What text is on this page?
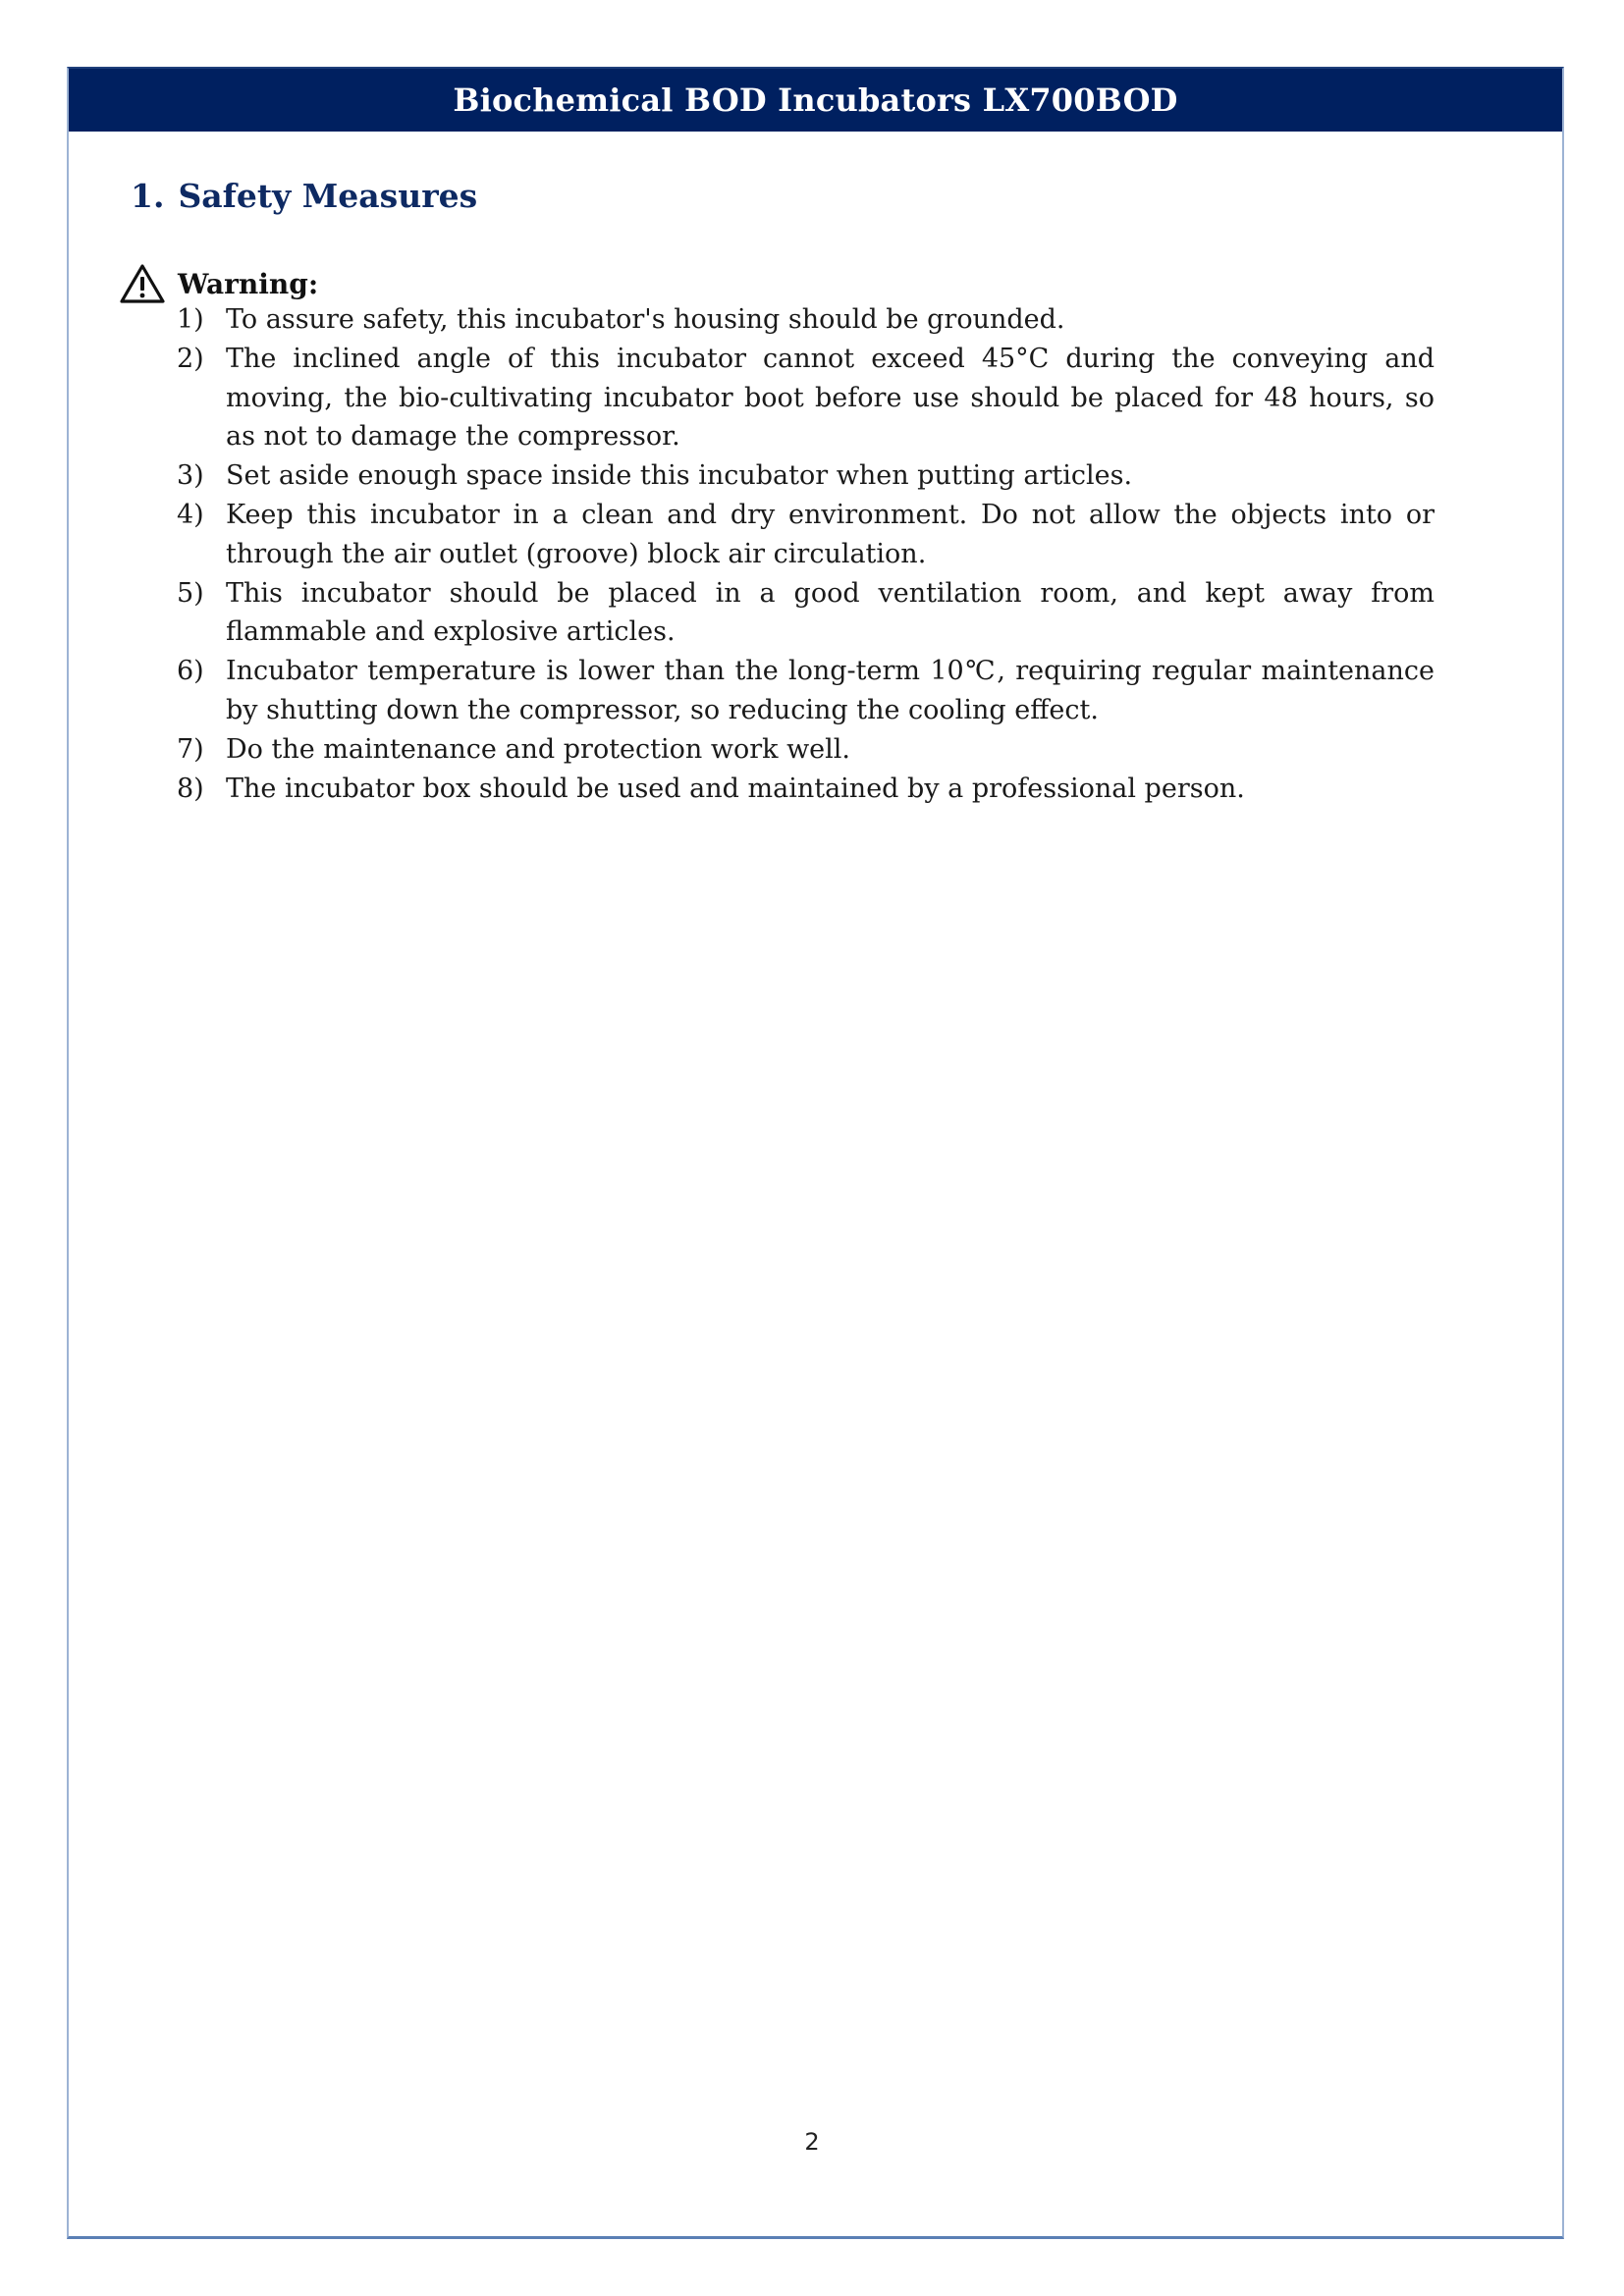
Biochemical BOD Incubators LX700BOD
1. Safety Measures
Warning:
1) To assure safety, this incubator's housing should be grounded.
2) The inclined angle of this incubator cannot exceed 45°C during the conveying and moving, the bio-cultivating incubator boot before use should be placed for 48 hours, so as not to damage the compressor.
3) Set aside enough space inside this incubator when putting articles.
4) Keep this incubator in a clean and dry environment. Do not allow the objects into or through the air outlet (groove) block air circulation.
5) This incubator should be placed in a good ventilation room, and kept away from flammable and explosive articles.
6) Incubator temperature is lower than the long-term 10℃, requiring regular maintenance by shutting down the compressor, so reducing the cooling effect.
7) Do the maintenance and protection work well.
8) The incubator box should be used and maintained by a professional person.
2
